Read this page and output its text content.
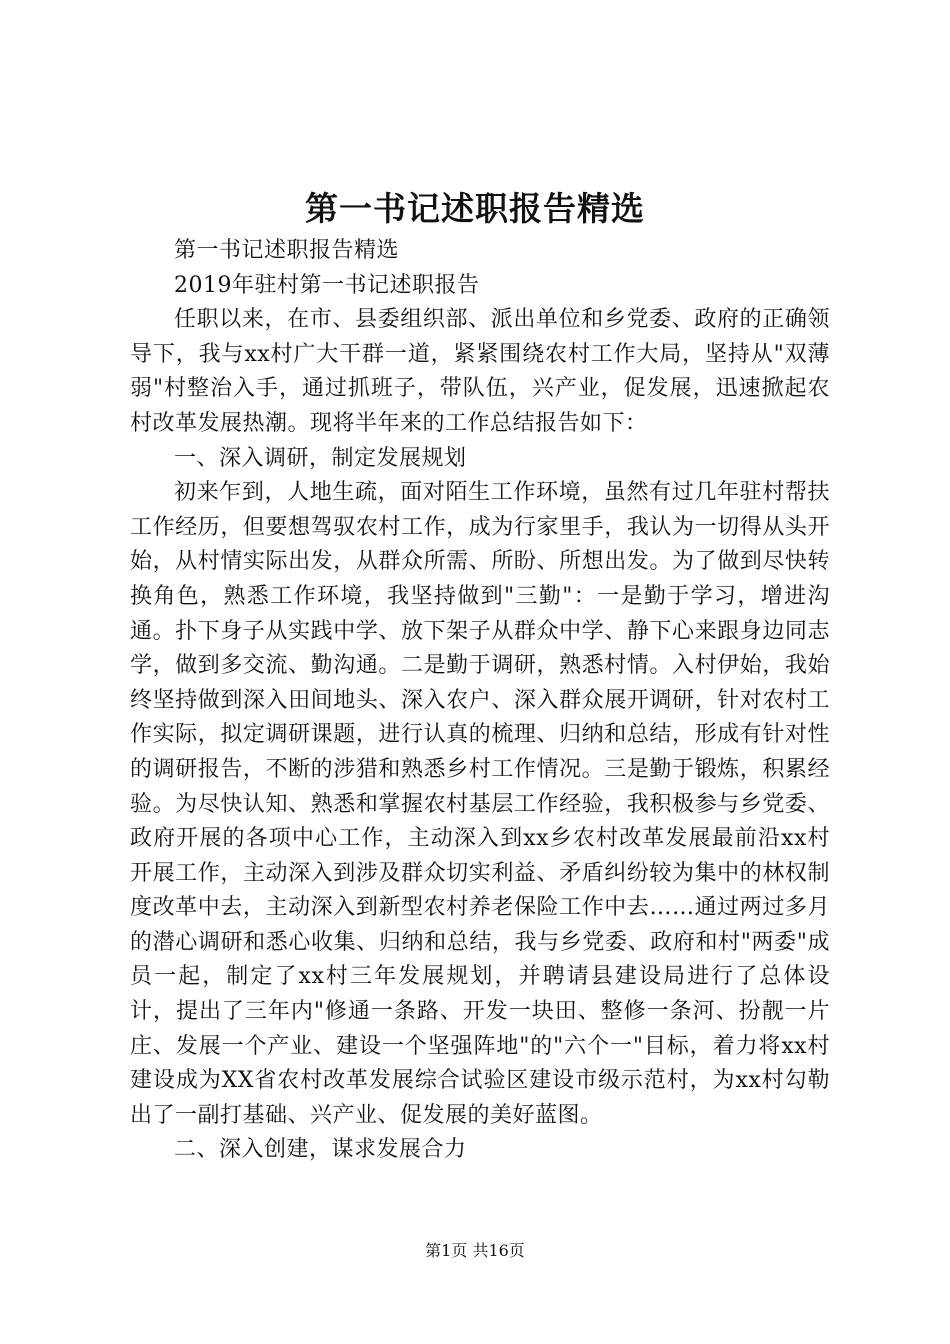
第一书记述职报告精选

第一书记述职报告精选

2019年驻村第一书记述职报告

任职以来，在市、县委组织部、派出单位和乡党委、政府的正确领导下，我与xx村广大干群一道，紧紧围绕农村工作大局，坚持从"双薄弱"村整治入手，通过抓班子，带队伍，兴产业，促发展，迅速掀起农村改革发展热潮。现将半年来的工作总结报告如下：

一、深入调研，制定发展规划

初来乍到，人地生疏，面对陌生工作环境，虽然有过几年驻村帮扶工作经历，但要想驾驭农村工作，成为行家里手，我认为一切得从头开始，从村情实际出发，从群众所需、所盼、所想出发。为了做到尽快转换角色，熟悉工作环境，我坚持做到"三勤"：一是勤于学习，增进沟通。扑下身子从实践中学、放下架子从群众中学、静下心来跟身边同志学，做到多交流、勤沟通。二是勤于调研，熟悉村情。入村伊始，我始终坚持做到深入田间地头、深入农户、深入群众展开调研，针对农村工作实际，拟定调研课题，进行认真的梳理、归纳和总结，形成有针对性的调研报告，不断的涉猎和熟悉乡村工作情况。三是勤于锻炼，积累经验。为尽快认知、熟悉和掌握农村基层工作经验，我积极参与乡党委、政府开展的各项中心工作，主动深入到xx乡农村改革发展最前沿xx村开展工作，主动深入到涉及群众切实利益、矛盾纠纷较为集中的林权制度改革中去，主动深入到新型农村养老保险工作中去……通过两过多月的潜心调研和悉心收集、归纳和总结，我与乡党委、政府和村"两委"成员一起，制定了xx村三年发展规划，并聘请县建设局进行了总体设计，提出了三年内"修通一条路、开发一块田、整修一条河、扮靓一片庄、发展一个产业、建设一个坚强阵地"的"六个一"目标，着力将xx村建设成为XX省农村改革发展综合试验区建设市级示范村，为xx村勾勒出了一副打基础、兴产业、促发展的美好蓝图。

二、深入创建，谋求发展合力

第1页 共16页
